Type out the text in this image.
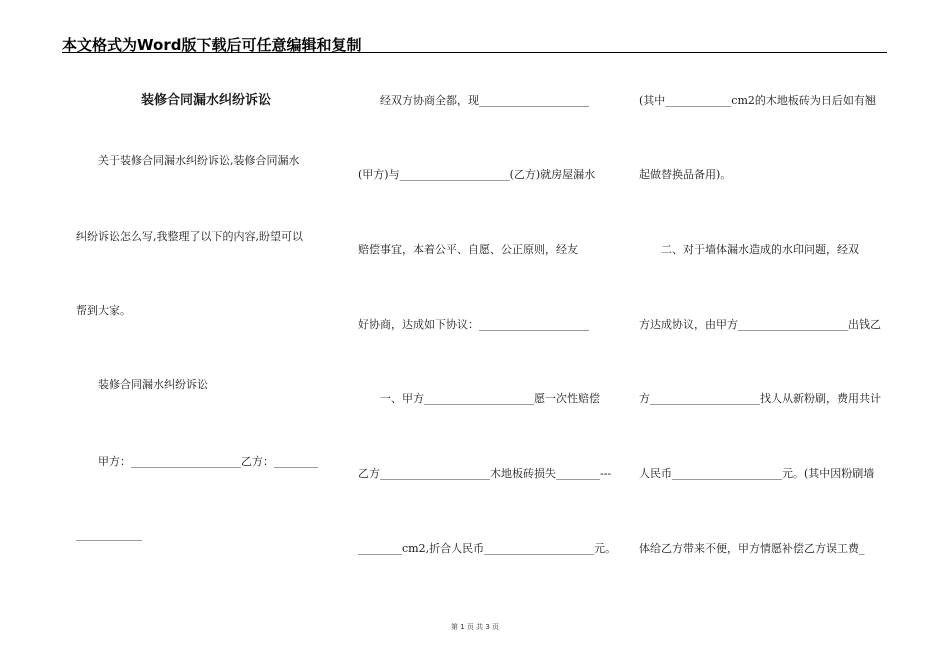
本文格式为Word版下载后可任意编辑和复制
　　　　　装修合同漏水纠纷诉讼
　　关于装修合同漏水纠纷诉讼,装修合同漏水
纠纷诉讼怎么写,我整理了以下的内容,盼望可以
帮到大家。
　　装修合同漏水纠纷诉讼
　　甲方：____________________乙方：________
____________
　　经双方协商全都，现____________________
(甲方)与____________________(乙方)就房屋漏水
赔偿事宜，本着公平、自愿、公正原则，经友
好协商，达成如下协议：____________________
　　一、甲方____________________愿一次性赔偿
乙方____________________木地板砖损失________---
________cm2,折合人民币____________________元。
(其中____________cm2的木地板砖为日后如有翘
起做替换品备用)。
　　二、对于墙体漏水造成的水印问题，经双
方达成协议，由甲方____________________出钱乙
方____________________找人从新粉刷，费用共计
人民币____________________元。(其中因粉刷墙
体给乙方带来不便，甲方情愿补偿乙方误工费_
第 1 页 共 3 页
